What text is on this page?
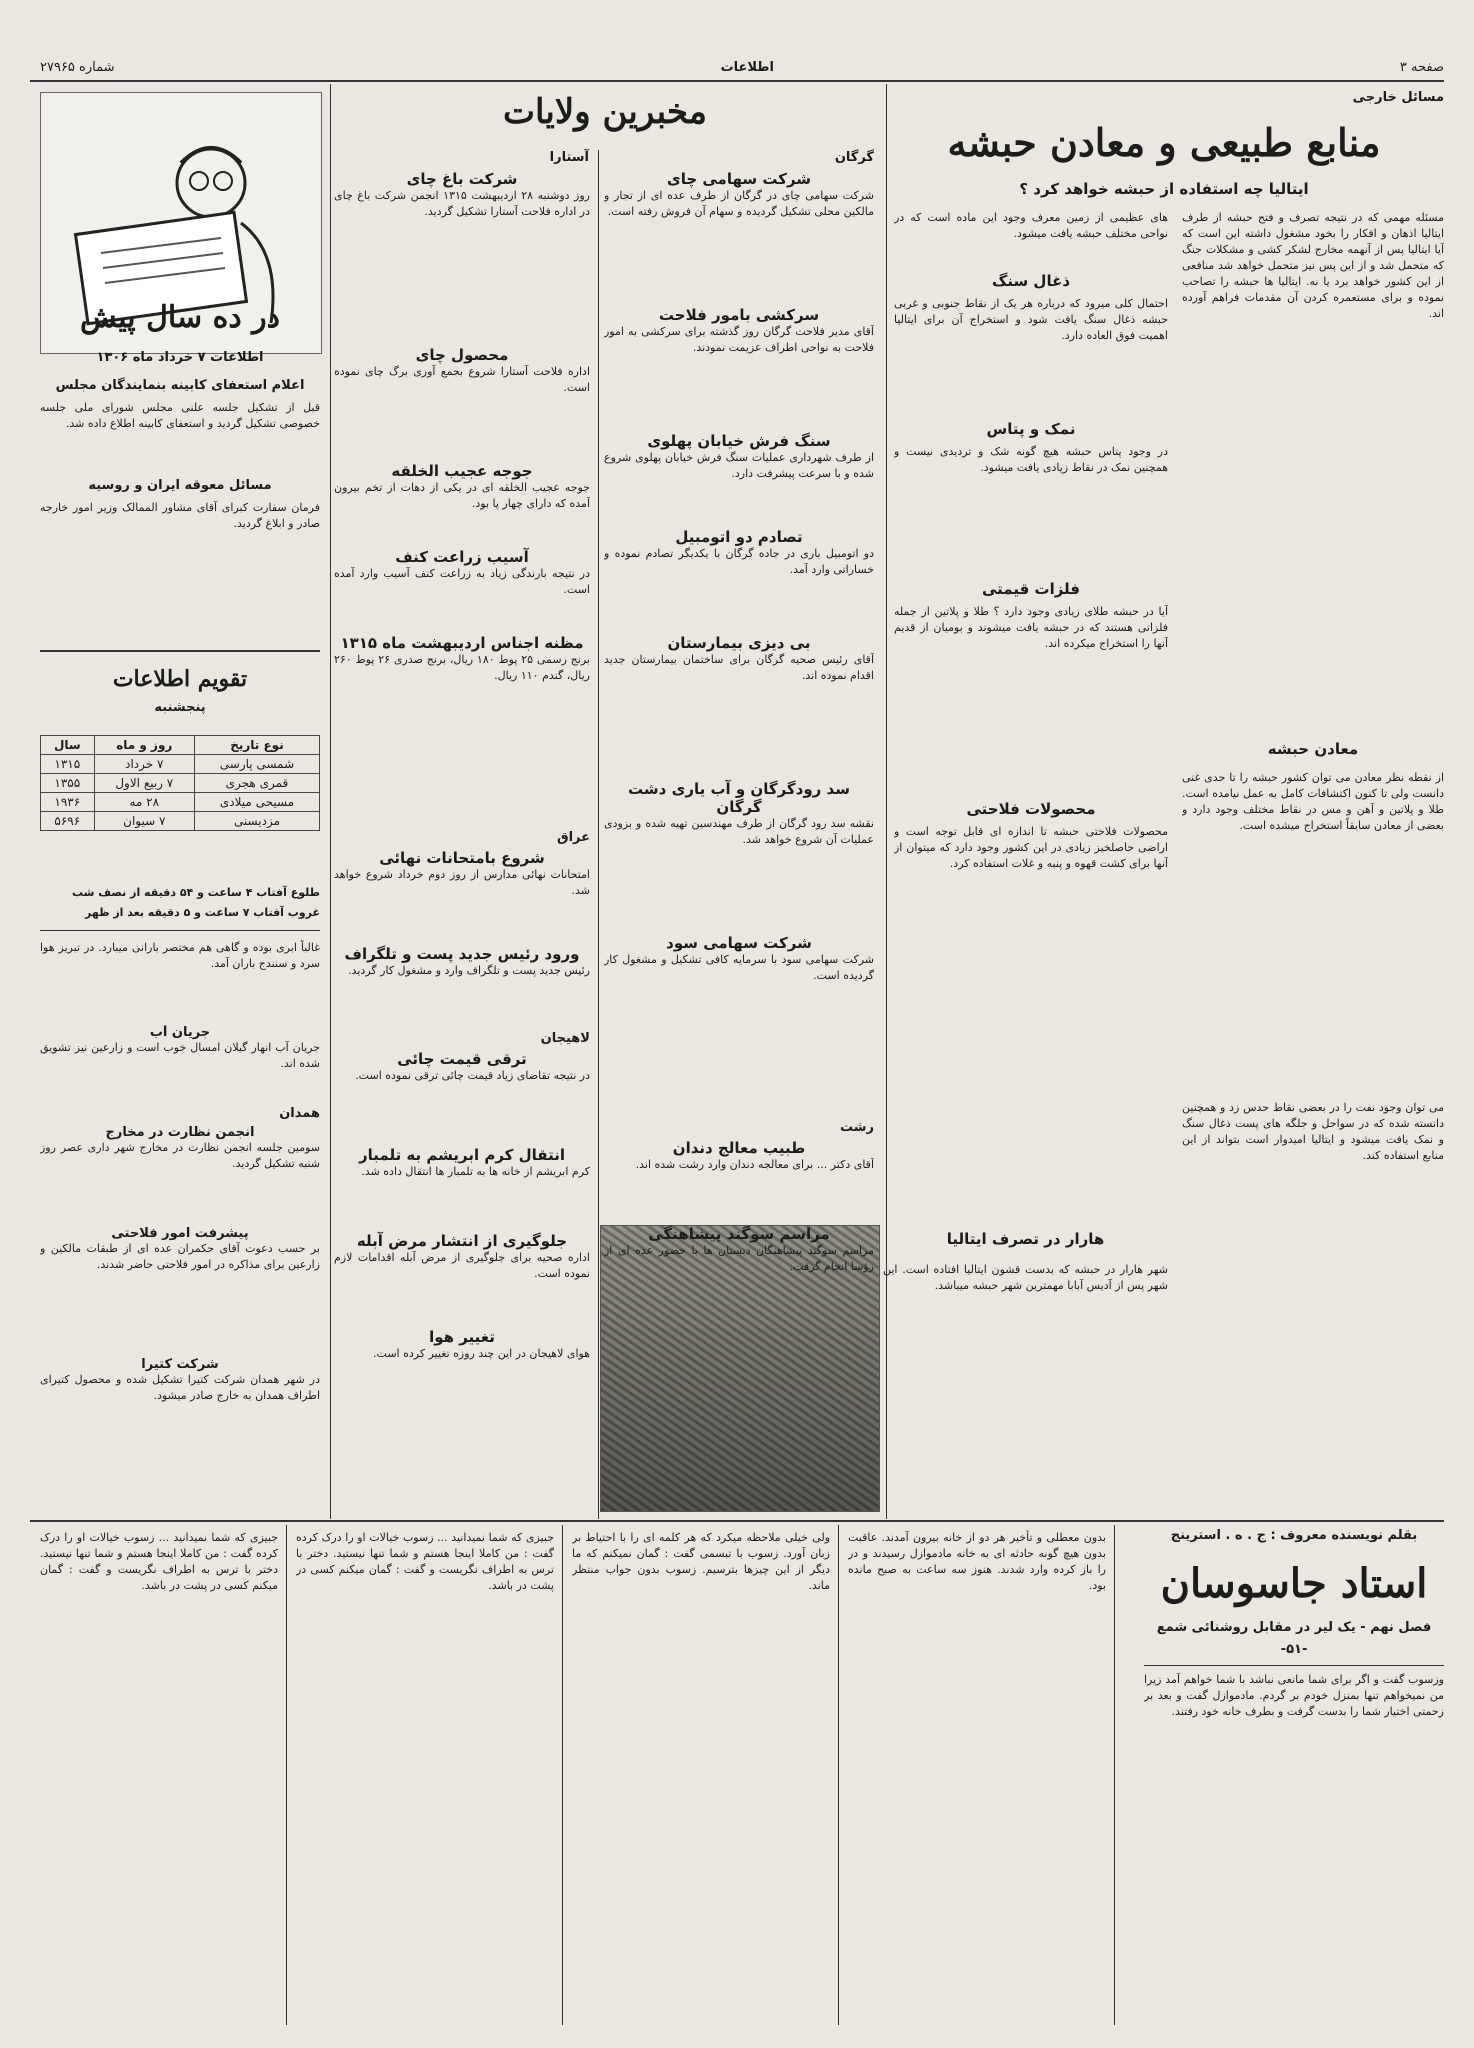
صفحه ۳
اطلاعات
شماره ۲۷۹۶۵
مسائل خارجی
منابع طبیعی و معادن حبشه
ایتالیا چه استفاده از حبشه خواهد کرد ؟
مسئله مهمی که در نتیجه تصرف و فتح حبشه از طرف ایتالیا اذهان و افکار را بخود مشغول داشته این است که آیا ایتالیا پس از آنهمه مخارج لشکر کشی و مشکلات جنگ که متحمل شد و از این پس نیز متحمل خواهد شد منافعی از این کشور خواهد برد یا نه. ایتالیا ها حبشه را تصاحب نموده و برای مستعمره کردن آن مقدمات فراهم آورده اند.
معادن حبشه
از نقطه نظر معادن می توان کشور حبشه را تا حدی غنی دانست ولی تا کنون اکتشافات کامل به عمل نیامده است. طلا و پلاتین و آهن و مس در نقاط مختلف وجود دارد و بعضی از معادن سابقاً استخراج میشده است.
می توان وجود نفت را در بعضی نقاط حدس زد و همچنین دانسته شده که در سواحل و جلگه های پست ذغال سنگ و نمک یافت میشود و ایتالیا امیدوار است بتواند از این منابع استفاده کند.
های عظیمی از زمین معرف وجود این ماده است که در نواحی مختلف حبشه یافت میشود.
ذغال سنگ
احتمال کلی میرود که درباره هر یک از نقاط جنوبی و غربی حبشه ذغال سنگ یافت شود و استخراج آن برای ایتالیا اهمیت فوق العاده دارد.
نمک و پتاس
در وجود پتاس حبشه هیچ گونه شک و تردیدی نیست و همچنین نمک در نقاط زیادی یافت میشود.
فلزات قیمتی
آیا در حبشه طلای زیادی وجود دارد ؟ طلا و پلاتین از جمله فلزاتی هستند که در حبشه یافت میشوند و بومیان از قدیم آنها را استخراج میکرده اند.
محصولات فلاحتی
محصولات فلاحتی حبشه تا اندازه ای قابل توجه است و اراضی حاصلخیز زیادی در این کشور وجود دارد که میتوان از آنها برای کشت قهوه و پنبه و غلات استفاده کرد.
هارار در تصرف ایتالیا
شهر هارار در حبشه که بدست قشون ایتالیا افتاده است. این شهر پس از آدیس آبابا مهمترین شهر حبشه میباشد.
مخبرین ولایات
گرگان
آستارا
شرکت سهامی چای
شرکت سهامی چای در گرگان از طرف عده ای از تجار و مالکین محلی تشکیل گردیده و سهام آن فروش رفته است.
سرکشی بامور فلاحت
آقای مدیر فلاحت گرگان روز گذشته برای سرکشی به امور فلاحت به نواحی اطراف عزیمت نمودند.
سنگ فرش خیابان پهلوی
از طرف شهرداری عملیات سنگ فرش خیابان پهلوی شروع شده و با سرعت پیشرفت دارد.
تصادم دو اتومبیل
دو اتومبیل باری در جاده گرگان با یکدیگر تصادم نموده و خساراتی وارد آمد.
بی دیزی بیمارستان
آقای رئیس صحیه گرگان برای ساختمان بیمارستان جدید اقدام نموده اند.
سد رودگرگان و آب یاری دشت گرگان
نقشه سد رود گرگان از طرف مهندسین تهیه شده و بزودی عملیات آن شروع خواهد شد.
شرکت سهامی سود
شرکت سهامی سود با سرمایه کافی تشکیل و مشغول کار گردیده است.
رشت
طبیب معالج دندان
آقای دکتر ... برای معالجه دندان وارد رشت شده اند.
مراسم سوگند پیشاهنگی
مراسم سوگند پیشاهنگان دبستان ها با حضور عده ای از رؤسا انجام گرفت.
شرکت باغ چای
روز دوشنبه ۲۸ اردیبهشت ۱۳۱۵ انجمن شرکت باغ چای در اداره فلاحت آستارا تشکیل گردید.
محصول چای
اداره فلاحت آستارا شروع بجمع آوری برگ چای نموده است.
جوجه عجیب الخلقه
جوجه عجیب الخلقه ای در یکی از دهات از تخم بیرون آمده که دارای چهار پا بود.
آسیب زراعت کنف
در نتیجه بارندگی زیاد به زراعت کنف آسیب وارد آمده است.
مظنه اجناس اردیبهشت ماه ۱۳۱۵
برنج رسمی ۲۵ پوط ۱۸۰ ریال، برنج صدری ۲۶ پوط ۲۶۰ ریال، گندم ۱۱۰ ریال.
عراق
شروع بامتحانات نهائی
امتحانات نهائی مدارس از روز دوم خرداد شروع خواهد شد.
ورود رئیس جدید پست و تلگراف
رئیس جدید پست و تلگراف وارد و مشغول کار گردید.
لاهیجان
ترقی قیمت چائی
در نتیجه تقاضای زیاد قیمت چائی ترقی نموده است.
انتقال کرم ابریشم به تلمبار
کرم ابریشم از خانه ها به تلمبار ها انتقال داده شد.
جلوگیری از انتشار مرض آبله
اداره صحیه برای جلوگیری از مرض آبله اقدامات لازم نموده است.
تغییر هوا
هوای لاهیجان در این چند روزه تغییر کرده است.
در ده سال پیش
اطلاعات ۷ خرداد ماه ۱۳۰۶
اعلام استعفای کابینه بنمایندگان مجلس
قبل از تشکیل جلسه علنی مجلس شورای ملی جلسه خصوصی تشکیل گردید و استعفای کابینه اطلاع داده شد.
مسائل معوقه ایران و روسیه
فرمان سفارت کبرای آقای مشاور الممالک وزیر امور خارجه صادر و ابلاغ گردید.
تقویم اطلاعات
پنجشنبه
نوع تاریخ	روز و ماه	سال
شمسی پارسی	۷ خرداد	۱۳۱۵
قمری هجری	۷ ربیع الاول	۱۳۵۵
مسیحی میلادی	۲۸ مه	۱۹۳۶
مزدیسنی	۷ سیوان	۵۶۹۶
طلوع آفتاب ۴ ساعت و ۵۴ دقیقه از نصف شب
غروب آفتاب ۷ ساعت و ۵ دقیقه بعد از ظهر
غالباً ابری بوده و گاهی هم مختصر بارانی میبارد. در تبریز هوا سرد و سنندج باران آمد.
جریان آب
جریان آب انهار گیلان امسال خوب است و زارعین نیز تشویق شده اند.
همدان
انجمن نظارت در مخارج
سومین جلسه انجمن نظارت در مخارج شهر داری عصر روز شنبه تشکیل گردید.
پیشرفت امور فلاحتی
بر حسب دعوت آقای حکمران عده ای از طبقات مالکین و زارعین برای مذاکره در امور فلاحتی حاضر شدند.
شرکت کتیرا
در شهر همدان شرکت کتیرا تشکیل شده و محصول کتیرای اطراف همدان به خارج صادر میشود.
بقلم نویسنده معروف : ج . ه . استرینج
استاد جاسوسان
فصل نهم - یک لیر در مقابل روشنائی شمع
-۵۱-
وزسوب گفت و اگر برای شما مانعی نباشد با شما خواهم آمد زیرا من نمیخواهم تنها بمنزل خودم بر گردم. مادموازل گفت و بعد بر زحمتی اختیار شما را بدست گرفت و بطرف خانه خود رفتند.
بدون معطلی و تأخیر هر دو از خانه بیرون آمدند. عاقبت بدون هیچ گونه حادثه ای به خانه مادموازل رسیدند و در را باز کرده وارد شدند. هنوز سه ساعت به صبح مانده بود.
ولی خیلی ملاحظه میکرد که هر کلمه ای را با احتیاط بر زبان آورد. زسوب با تبسمی گفت : گمان نمیکنم که ما دیگر از این چیزها بترسیم. زسوب بدون جواب منتظر ماند.
جبیزی که شما نمیدانید ... زسوب خیالات او را درک کرده گفت : من کاملا اینجا هستم و شما تنها نیستید. دختر با ترس به اطراف نگریست و گفت : گمان میکنم کسی در پشت در باشد.
جبیزی که شما نمیدانید ... زسوب خیالات او را درک کرده گفت : من کاملا اینجا هستم و شما تنها نیستید. دختر با ترس به اطراف نگریست و گفت : گمان میکنم کسی در پشت در باشد.
